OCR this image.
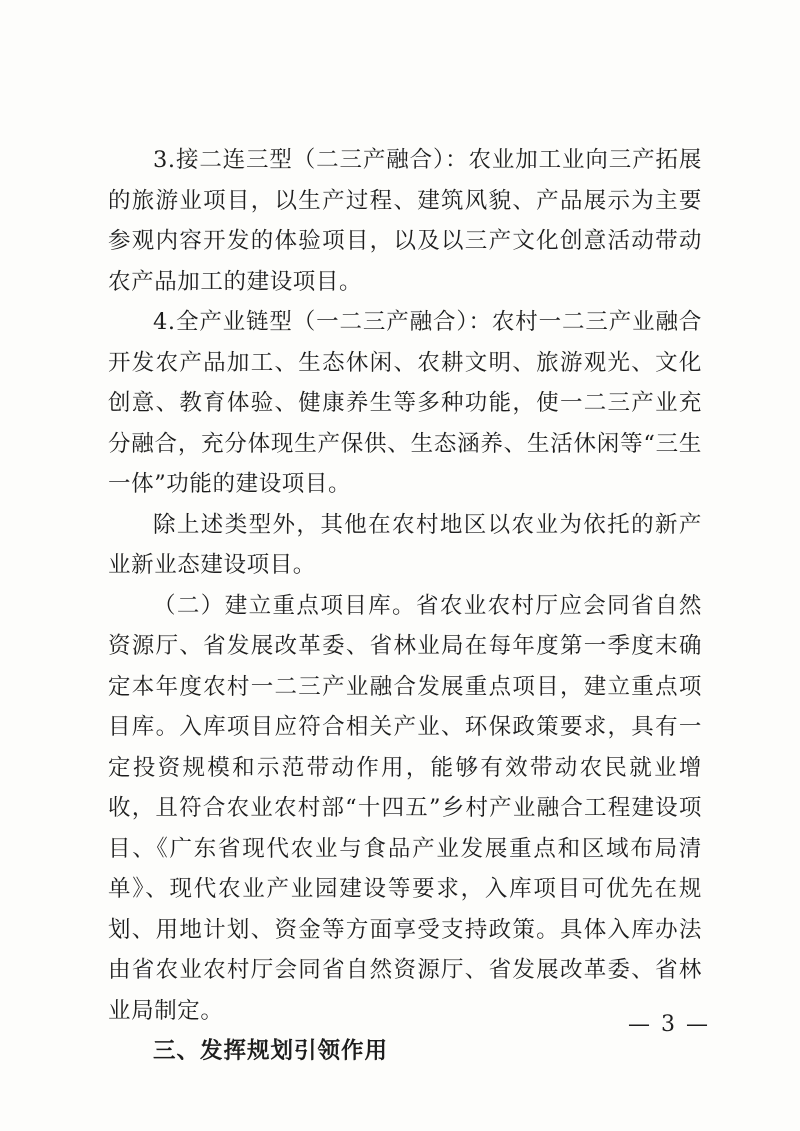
3.接二连三型（二三产融合）：农业加工业向三产拓展的旅游业项目，以生产过程、建筑风貌、产品展示为主要参观内容开发的体验项目，以及以三产文化创意活动带动农产品加工的建设项目。

4.全产业链型（一二三产融合）：农村一二三产业融合开发农产品加工、生态休闲、农耕文明、旅游观光、文化创意、教育体验、健康养生等多种功能，使一二三产业充分融合，充分体现生产保供、生态涵养、生活休闲等“三生一体”功能的建设项目。

除上述类型外，其他在农村地区以农业为依托的新产业新业态建设项目。

（二）建立重点项目库。省农业农村厅应会同省自然资源厅、省发展改革委、省林业局在每年度第一季度末确定本年度农村一二三产业融合发展重点项目，建立重点项目库。入库项目应符合相关产业、环保政策要求，具有一定投资规模和示范带动作用，能够有效带动农民就业增收，且符合农业农村部“十四五”乡村产业融合工程建设项目、《广东省现代农业与食品产业发展重点和区域布局清单》、现代农业产业园建设等要求，入库项目可优先在规划、用地计划、资金等方面享受支持政策。具体入库办法由省农业农村厅会同省自然资源厅、省发展改革委、省林业局制定。

三、发挥规划引领作用

— 3 —
